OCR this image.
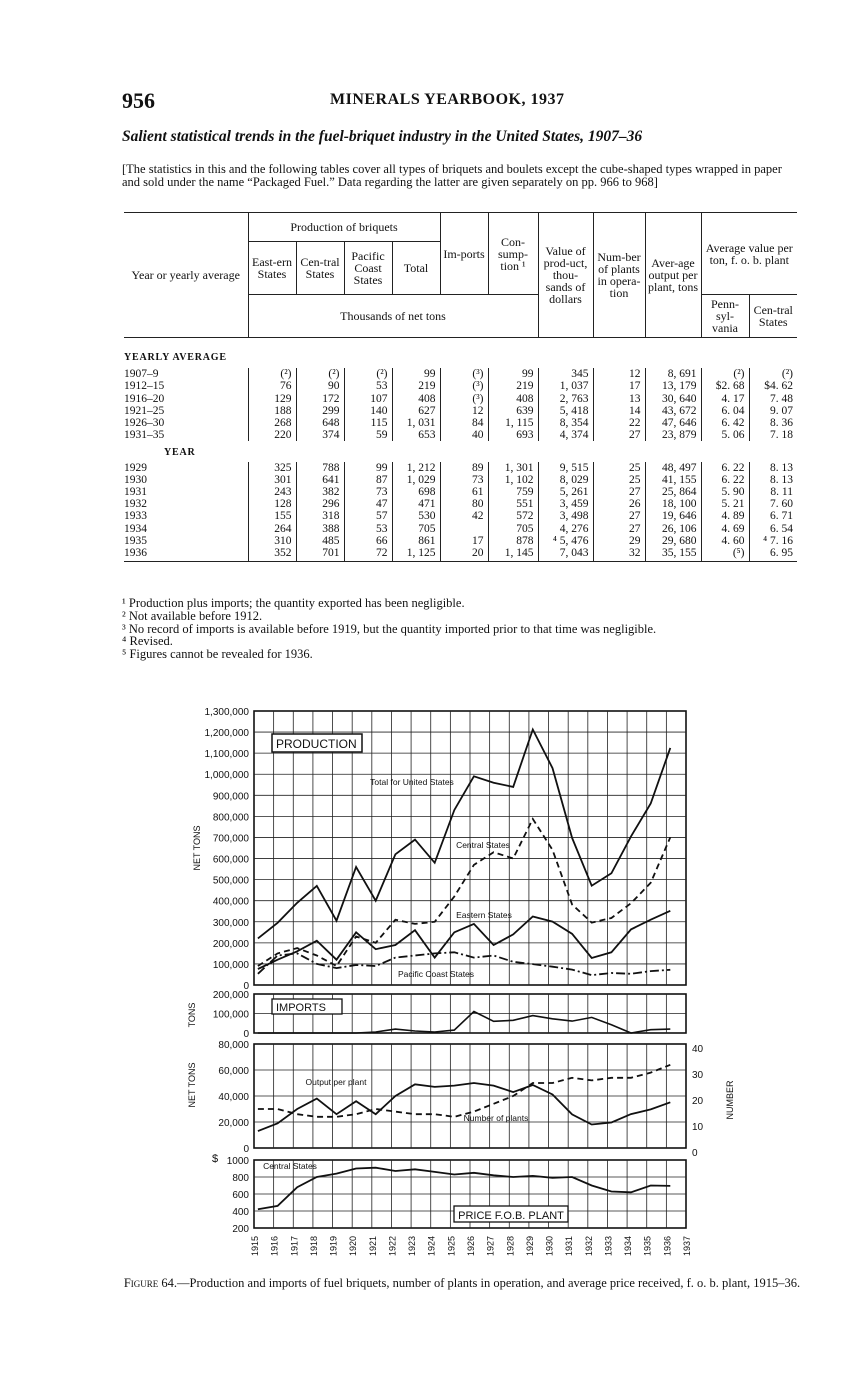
956	MINERALS YEARBOOK, 1937
Salient statistical trends in the fuel-briquet industry in the United States, 1907–36
[The statistics in this and the following tables cover all types of briquets and boulets except the cube-shaped types wrapped in paper and sold under the name “Packaged Fuel.” Data regarding the latter are given separately on pp. 966 to 968]
Year or yearly average	Production of briquets				Im-ports	Con-sump-tion ¹	Value of prod-uct, thou-sands of dollars	Num-ber of plants in opera-tion	Aver-age output per plant, tons	Average value per ton, f. o. b. plant	
	East-ern States	Cen-tral States	Pacific Coast States	Total							
	Thousands of net tons									Penn-syl-vania	Cen-tral States
YEARLY AVERAGE											
1907–9	(²)	(²)	(²)	99	(³)	99	345	12	8, 691	(²)	(²)
1912–15	76	90	53	219	(³)	219	1, 037	17	13, 179	$2. 68	$4. 62
1916–20	129	172	107	408	(³)	408	2, 763	13	30, 640	4. 17	7. 48
1921–25	188	299	140	627	12	639	5, 418	14	43, 672	6. 04	9. 07
1926–30	268	648	115	1, 031	84	1, 115	8, 354	22	47, 646	6. 42	8. 36
1931–35	220	374	59	653	40	693	4, 374	27	23, 879	5. 06	7. 18
YEAR											
1929	325	788	99	1, 212	89	1, 301	9, 515	25	48, 497	6. 22	8. 13
1930	301	641	87	1, 029	73	1, 102	8, 029	25	41, 155	6. 22	8. 13
1931	243	382	73	698	61	759	5, 261	27	25, 864	5. 90	8. 11
1932	128	296	47	471	80	551	3, 459	26	18, 100	5. 21	7. 60
1933	155	318	57	530	42	572	3, 498	27	19, 646	4. 89	6. 71
1934	264	388	53	705		705	4, 276	27	26, 106	4. 69	6. 54
1935	310	485	66	861	17	878	⁴ 5, 476	29	29, 680	4. 60	⁴ 7. 16
1936	352	701	72	1, 125	20	1, 145	7, 043	32	35, 155	(⁵)	6. 95
¹ Production plus imports; the quantity exported has been negligible.
² Not available before 1912.
³ No record of imports is available before 1919, but the quantity imported prior to that time was negligible.
⁴ Revised.
⁵ Figures cannot be revealed for 1936.
1,300,000
1,200,000
1,100,000
1,000,000
900,000
800,000
700,000
600,000
500,000
400,000
300,000
200,000
100,000
0
PRODUCTION
Total for United States
Central States
Eastern States
Pacific Coast States
NET TONS
200,000
100,000
0
IMPORTS
TONS
80,000
60,000
40,000
20,000
0
40
30
20
10
0
Output per plant
Number of plants
NET TONS	NUMBER
1000
800
600
400
200
$
Central States
PRICE F.O.B. PLANT
1915 1916 1917 1918 1919 1920 1921 1922 1923 1924 1925 1926 1927 1928 1929 1930 1931 1932 1933 1934 1935 1936 1937
Figure 64.—Production and imports of fuel briquets, number of plants in operation, and average price received, f. o. b. plant, 1915–36.
